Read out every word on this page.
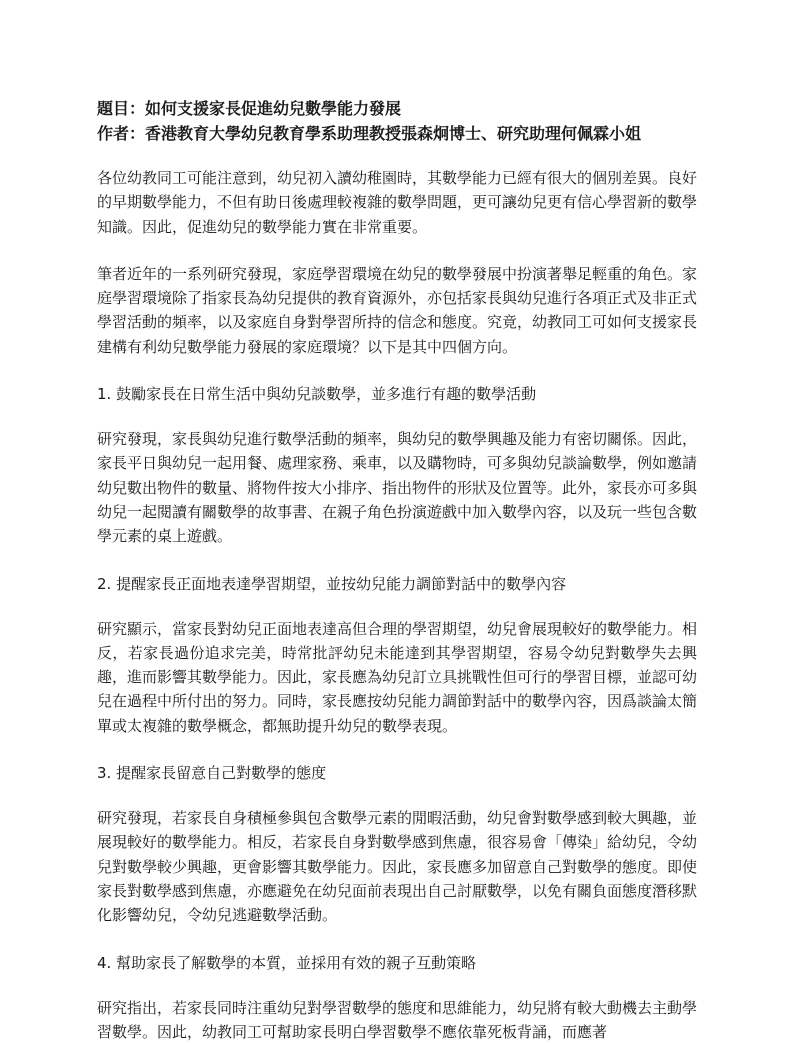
題目：如何支援家長促進幼兒數學能力發展

作者：香港教育大學幼兒教育學系助理教授張森炯博士、研究助理何佩霖小姐

各位幼教同工可能注意到，幼兒初入讀幼稚園時，其數學能力已經有很大的個別差異。良好的早期數學能力，不但有助日後處理較複雜的數學問題，更可讓幼兒更有信心學習新的數學知識。因此，促進幼兒的數學能力實在非常重要。

筆者近年的一系列研究發現，家庭學習環境在幼兒的數學發展中扮演著舉足輕重的角色。家庭學習環境除了指家長為幼兒提供的教育資源外，亦包括家長與幼兒進行各項正式及非正式學習活動的頻率，以及家庭自身對學習所持的信念和態度。究竟，幼教同工可如何支援家長建構有利幼兒數學能力發展的家庭環境？以下是其中四個方向。

1. 鼓勵家長在日常生活中與幼兒談數學，並多進行有趣的數學活動

研究發現，家長與幼兒進行數學活動的頻率，與幼兒的數學興趣及能力有密切關係。因此，家長平日與幼兒一起用餐、處理家務、乘車，以及購物時，可多與幼兒談論數學，例如邀請幼兒數出物件的數量、將物件按大小排序、指出物件的形狀及位置等。此外，家長亦可多與幼兒一起閱讀有關數學的故事書、在親子角色扮演遊戲中加入數學內容，以及玩一些包含數學元素的桌上遊戲。

2. 提醒家長正面地表達學習期望，並按幼兒能力調節對話中的數學內容

研究顯示，當家長對幼兒正面地表達高但合理的學習期望，幼兒會展現較好的數學能力。相反，若家長過份追求完美，時常批評幼兒未能達到其學習期望，容易令幼兒對數學失去興趣，進而影響其數學能力。因此，家長應為幼兒訂立具挑戰性但可行的學習目標，並認可幼兒在過程中所付出的努力。同時，家長應按幼兒能力調節對話中的數學內容，因爲談論太簡單或太複雜的數學概念，都無助提升幼兒的數學表現。

3. 提醒家長留意自己對數學的態度

研究發現，若家長自身積極參與包含數學元素的閒暇活動，幼兒會對數學感到較大興趣，並展現較好的數學能力。相反，若家長自身對數學感到焦慮，很容易會「傳染」給幼兒，令幼兒對數學較少興趣，更會影響其數學能力。因此，家長應多加留意自己對數學的態度。即使家長對數學感到焦慮，亦應避免在幼兒面前表現出自己討厭數學，以免有關負面態度潛移默化影響幼兒，令幼兒逃避數學活動。

4. 幫助家長了解數學的本質，並採用有效的親子互動策略

研究指出，若家長同時注重幼兒對學習數學的態度和思維能力，幼兒將有較大動機去主動學習數學。因此，幼教同工可幫助家長明白學習數學不應依靠死板背誦，而應著
